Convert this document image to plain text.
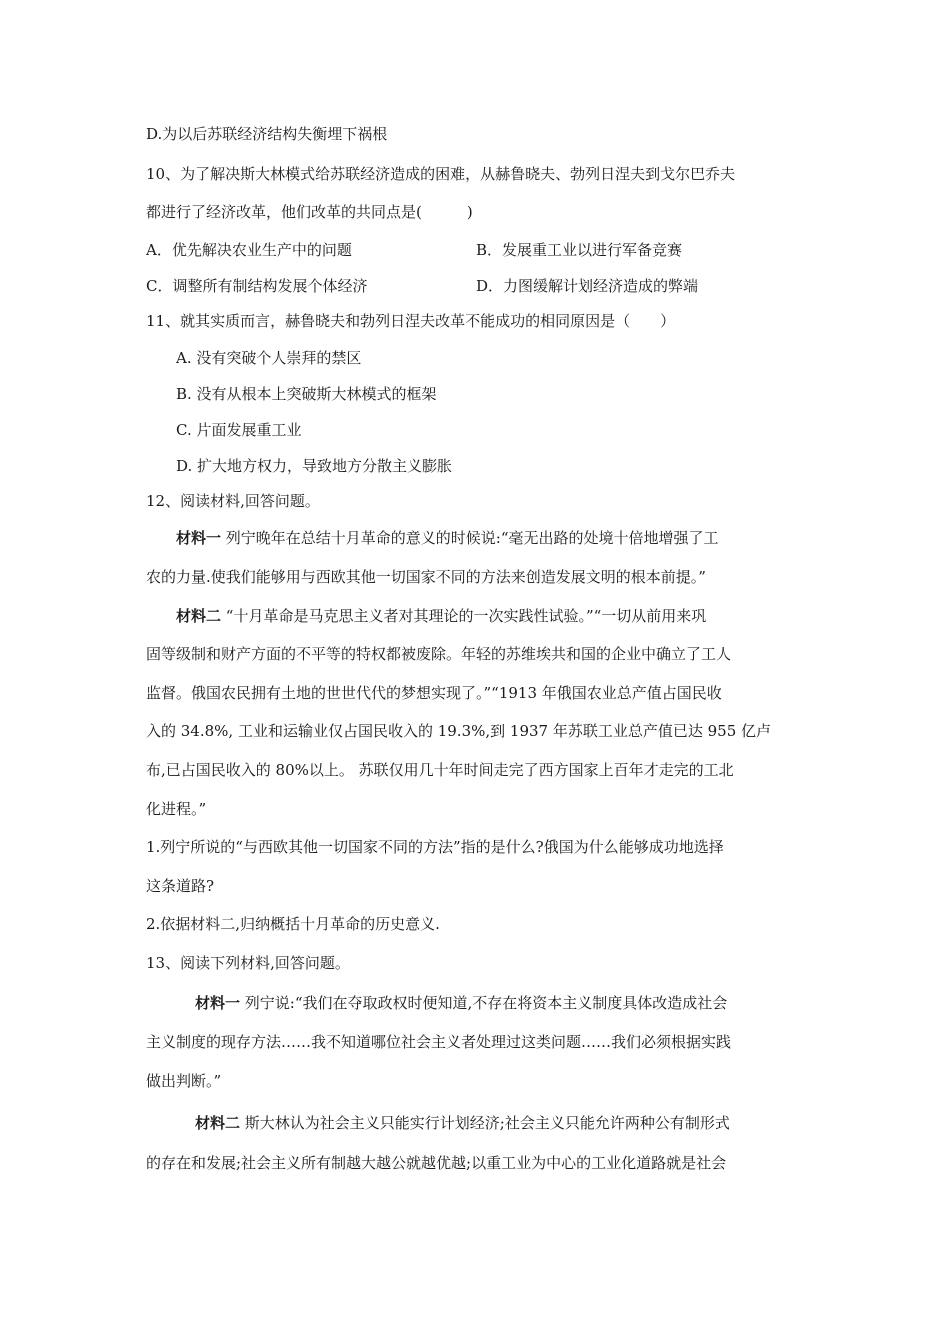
D.为以后苏联经济结构失衡埋下祸根
10、为了解决斯大林模式给苏联经济造成的困难，从赫鲁晓夫、勃列日涅夫到戈尔巴乔夫
都进行了经济改革，他们改革的共同点是(　　　)
A．优先解决农业生产中的问题	B．发展重工业以进行军备竞赛
C．调整所有制结构发展个体经济	D．力图缓解计划经济造成的弊端
11、就其实质而言，赫鲁晓夫和勃列日涅夫改革不能成功的相同原因是（　　）
A. 没有突破个人崇拜的禁区
B. 没有从根本上突破斯大林模式的框架
C. 片面发展重工业
D. 扩大地方权力，导致地方分散主义膨胀
12、阅读材料,回答问题。
材料一 列宁晚年在总结十月革命的意义的时候说:“毫无出路的处境十倍地增强了工
农的力量.使我们能够用与西欧其他一切国家不同的方法来创造发展文明的根本前提。”
材料二 “十月革命是马克思主义者对其理论的一次实践性试验。”“一切从前用来巩
固等级制和财产方面的不平等的特权都被废除。年轻的苏维埃共和国的企业中确立了工人
监督。俄国农民拥有土地的世世代代的梦想实现了。”“1913 年俄国农业总产值占国民收
入的 34.8%, 工业和运输业仅占国民收入的 19.3%,到 1937 年苏联工业总产值已达 955 亿卢
布,已占国民收入的 80%以上。 苏联仅用几十年时间走完了西方国家上百年才走完的工北
化进程。”
1.列宁所说的“与西欧其他一切国家不同的方法”指的是什么?俄国为什么能够成功地选择
这条道路?
2.依据材料二,归纳概括十月革命的历史意义.
13、阅读下列材料,回答问题。
材料一 列宁说:“我们在夺取政权时便知道,不存在将资本主义制度具体改造成社会
主义制度的现存方法……我不知道哪位社会主义者处理过这类问题……我们必须根据实践
做出判断。”
材料二 斯大林认为社会主义只能实行计划经济;社会主义只能允许两种公有制形式
的存在和发展;社会主义所有制越大越公就越优越;以重工业为中心的工业化道路就是社会
